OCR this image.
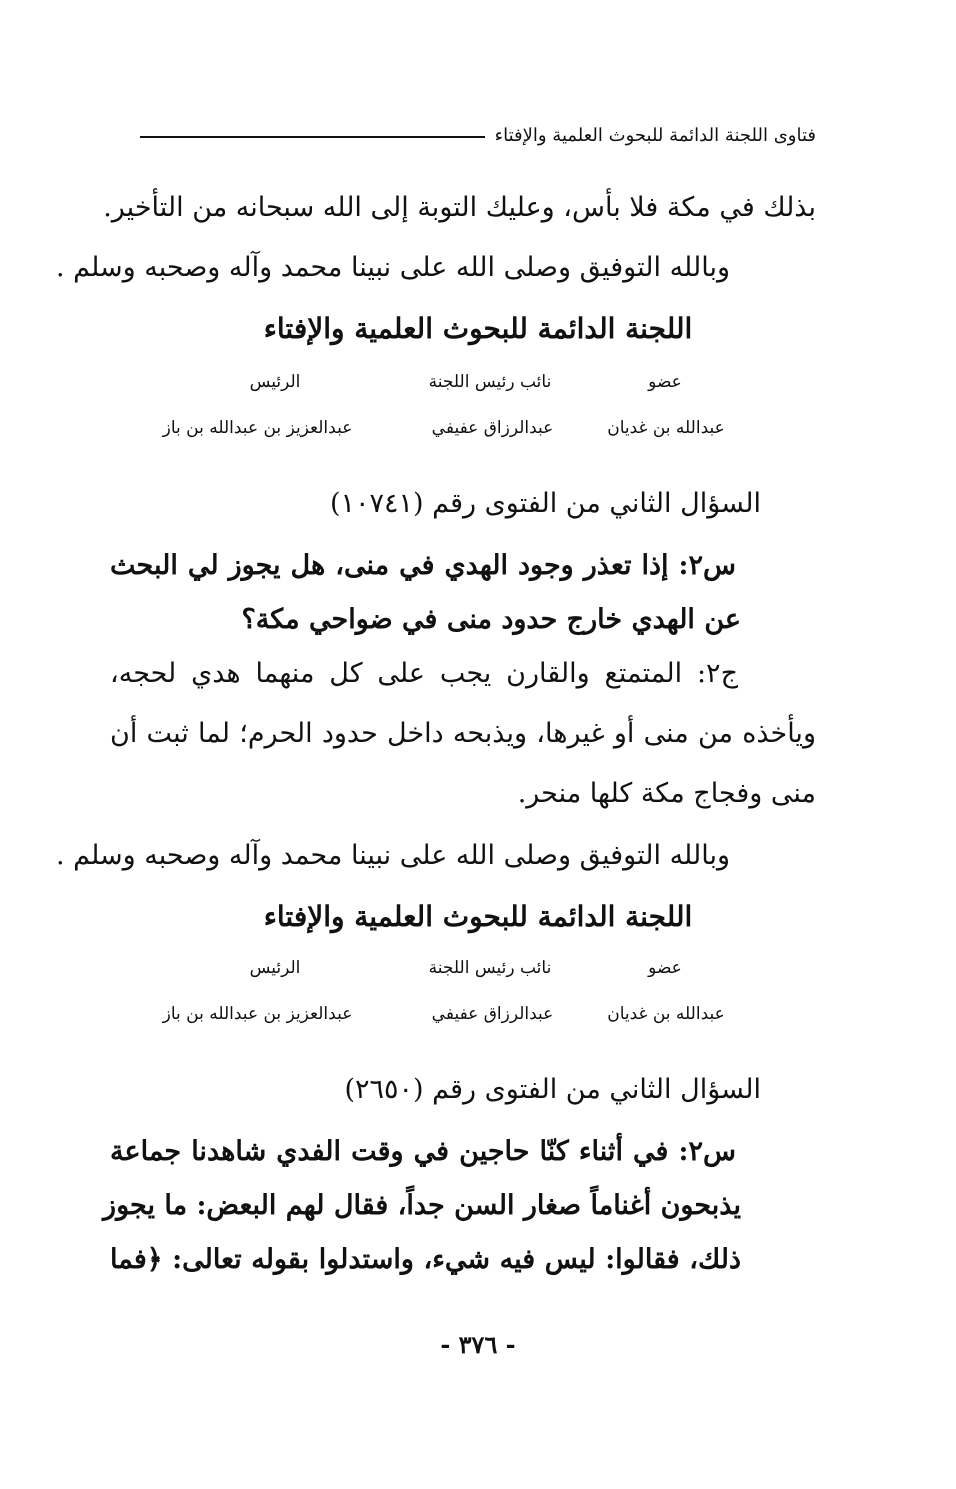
فتاوى اللجنة الدائمة للبحوث العلمية والإفتاء
بذلك في مكة فلا بأس، وعليك التوبة إلى الله سبحانه من التأخير.
وبالله التوفيق وصلى الله على نبينا محمد وآله وصحبه وسلم .
اللجنة الدائمة للبحوث العلمية والإفتاء
الرئيس	نائب رئيس اللجنة	عضو
عبدالعزيز بن عبدالله بن باز	عبدالرزاق عفيفي	عبدالله بن غديان
السؤال الثاني من الفتوى رقم (١٠٧٤١)
س٢: إذا تعذر وجود الهدي في منى، هل يجوز لي البحث
عن الهدي خارج حدود منى في ضواحي مكة؟
ج٢: المتمتع والقارن يجب على كل منهما هدي لحجه،
ويأخذه من منى أو غيرها، ويذبحه داخل حدود الحرم؛ لما ثبت أن
منى وفجاج مكة كلها منحر.
وبالله التوفيق وصلى الله على نبينا محمد وآله وصحبه وسلم .
اللجنة الدائمة للبحوث العلمية والإفتاء
الرئيس	نائب رئيس اللجنة	عضو
عبدالعزيز بن عبدالله بن باز	عبدالرزاق عفيفي	عبدالله بن غديان
السؤال الثاني من الفتوى رقم (٢٦٥٠)
س٢: في أثناء كنّا حاجين في وقت الفدي شاهدنا جماعة
يذبحون أغناماً صغار السن جداً، فقال لهم البعض: ما يجوز
ذلك، فقالوا: ليس فيه شيء، واستدلوا بقوله تعالى: ﴿فما
- ٣٧٦ -
